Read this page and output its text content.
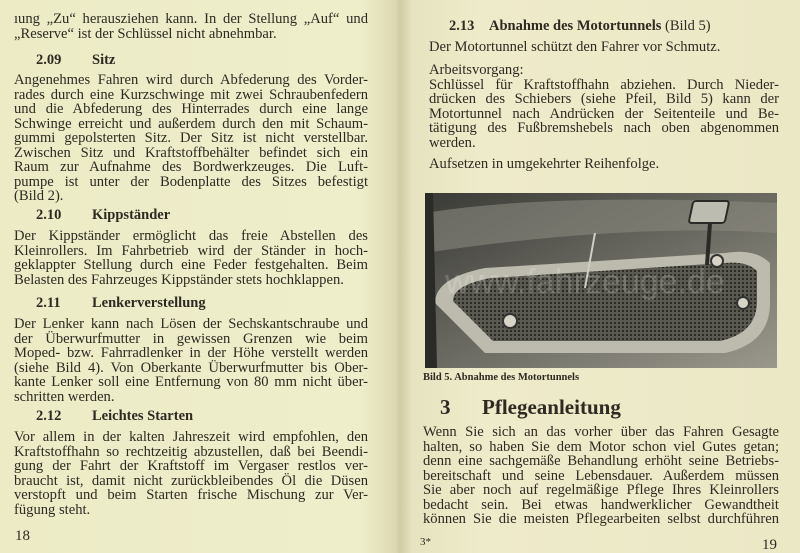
ıung „Zu“ herausziehen kann. In der Stellung „Auf“ und
„Reserve“ ist der Schlüssel nicht abnehmbar.
2.09 Sitz
Angenehmes Fahren wird durch Abfederung des Vorder-
rades durch eine Kurzschwinge mit zwei Schraubenfedern
und die Abfederung des Hinterrades durch eine lange
Schwinge erreicht und außerdem durch den mit Schaum-
gummi gepolsterten Sitz. Der Sitz ist nicht verstellbar.
Zwischen Sitz und Kraftstoffbehälter befindet sich ein
Raum zur Aufnahme des Bordwerkzeuges. Die Luft-
pumpe ist unter der Bodenplatte des Sitzes befestigt
(Bild 2).
2.10 Kippständer
Der Kippständer ermöglicht das freie Abstellen des
Kleinrollers. Im Fahrbetrieb wird der Ständer in hoch-
geklappter Stellung durch eine Feder festgehalten. Beim
Belasten des Fahrzeuges Kippständer stets hochklappen.
2.11 Lenkerverstellung
Der Lenker kann nach Lösen der Sechskantschraube und
der Überwurfmutter in gewissen Grenzen wie beim
Moped- bzw. Fahrradlenker in der Höhe verstellt werden
(siehe Bild 4). Von Oberkante Überwurfmutter bis Ober-
kante Lenker soll eine Entfernung von 80 mm nicht über-
schritten werden.
2.12 Leichtes Starten
Vor allem in der kalten Jahreszeit wird empfohlen, den
Kraftstoffhahn so rechtzeitig abzustellen, daß bei Beendi-
gung der Fahrt der Kraftstoff im Vergaser restlos ver-
braucht ist, damit nicht zurückbleibendes Öl die Düsen
verstopft und beim Starten frische Mischung zur Ver-
fügung steht.
18
2.13 Abnahme des Motortunnels (Bild 5)
Der Motortunnel schützt den Fahrer vor Schmutz.
Arbeitsvorgang:
Schlüssel für Kraftstoffhahn abziehen. Durch Nieder-
drücken des Schiebers (siehe Pfeil, Bild 5) kann der
Motortunnel nach Andrücken der Seitenteile und Be-
tätigung des Fußbremshebels nach oben abgenommen
werden.
Aufsetzen in umgekehrter Reihenfolge.
www.fahrzeuge.de
Bild 5. Abnahme des Motortunnels
3 Pflegeanleitung
Wenn Sie sich an das vorher über das Fahren Gesagte
halten, so haben Sie dem Motor schon viel Gutes getan;
denn eine sachgemäße Behandlung erhöht seine Betriebs-
bereitschaft und seine Lebensdauer. Außerdem müssen
Sie aber noch auf regelmäßige Pflege Ihres Kleinrollers
bedacht sein. Bei etwas handwerklicher Gewandtheit
können Sie die meisten Pflegearbeiten selbst durchführen
3*	19
